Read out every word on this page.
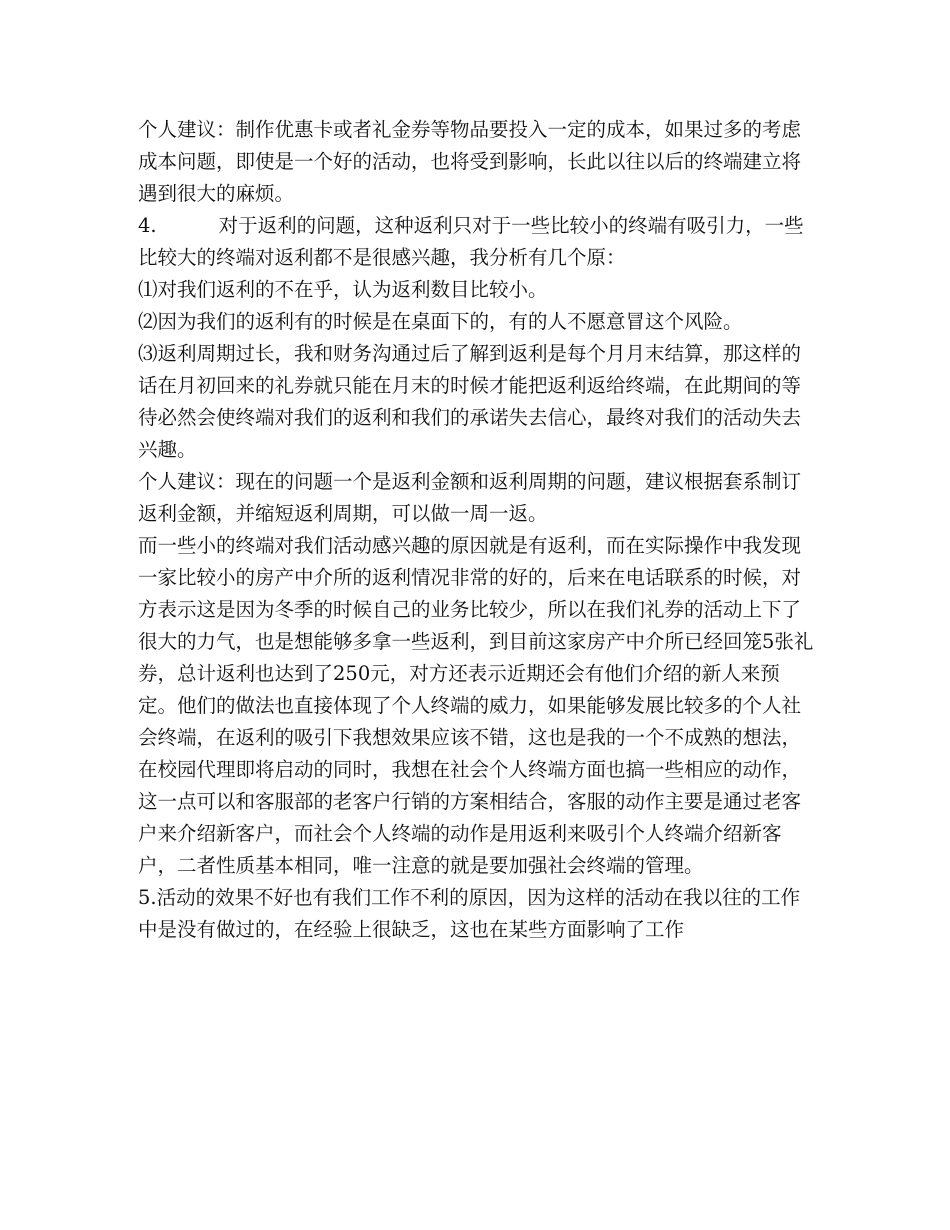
个人建议：制作优惠卡或者礼金券等物品要投入一定的成本，如果过多的考虑成本问题，即使是一个好的活动，也将受到影响，长此以往以后的终端建立将遇到很大的麻烦。

4.          对于返利的问题，这种返利只对于一些比较小的终端有吸引力，一些比较大的终端对返利都不是很感兴趣，我分析有几个原：

⑴对我们返利的不在乎，认为返利数目比较小。

⑵因为我们的返利有的时候是在桌面下的，有的人不愿意冒这个风险。

⑶返利周期过长，我和财务沟通过后了解到返利是每个月月末结算，那这样的话在月初回来的礼券就只能在月末的时候才能把返利返给终端，在此期间的等待必然会使终端对我们的返利和我们的承诺失去信心，最终对我们的活动失去兴趣。

个人建议：现在的问题一个是返利金额和返利周期的问题，建议根据套系制订返利金额，并缩短返利周期，可以做一周一返。

而一些小的终端对我们活动感兴趣的原因就是有返利，而在实际操作中我发现一家比较小的房产中介所的返利情况非常的好的，后来在电话联系的时候，对方表示这是因为冬季的时候自己的业务比较少，所以在我们礼券的活动上下了很大的力气，也是想能够多拿一些返利，到目前这家房产中介所已经回笼5张礼券，总计返利也达到了250元，对方还表示近期还会有他们介绍的新人来预定。他们的做法也直接体现了个人终端的威力，如果能够发展比较多的个人社会终端，在返利的吸引下我想效果应该不错，这也是我的一个不成熟的想法，在校园代理即将启动的同时，我想在社会个人终端方面也搞一些相应的动作，这一点可以和客服部的老客户行销的方案相结合，客服的动作主要是通过老客户来介绍新客户，而社会个人终端的动作是用返利来吸引个人终端介绍新客户，二者性质基本相同，唯一注意的就是要加强社会终端的管理。

5.活动的效果不好也有我们工作不利的原因，因为这样的活动在我以往的工作中是没有做过的，在经验上很缺乏，这也在某些方面影响了工作
